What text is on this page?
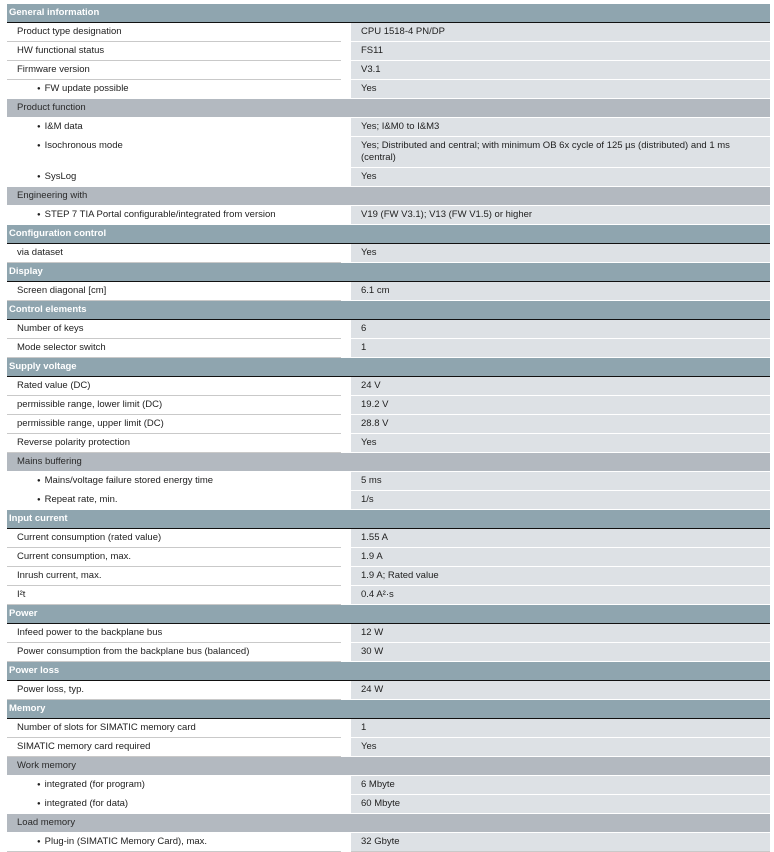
General information
Product type designation	CPU 1518-4 PN/DP
HW functional status	FS11
Firmware version	V3.1
● FW update possible	Yes
Product function
● I&M data	Yes; I&M0 to I&M3
● Isochronous mode	Yes; Distributed and central; with minimum OB 6x cycle of 125 µs (distributed) and 1 ms (central)
● SysLog	Yes
Engineering with
● STEP 7 TIA Portal configurable/integrated from version	V19 (FW V3.1); V13 (FW V1.5) or higher
Configuration control
via dataset	Yes
Display
Screen diagonal [cm]	6.1 cm
Control elements
Number of keys	6
Mode selector switch	1
Supply voltage
Rated value (DC)	24 V
permissible range, lower limit (DC)	19.2 V
permissible range, upper limit (DC)	28.8 V
Reverse polarity protection	Yes
Mains buffering
● Mains/voltage failure stored energy time	5 ms
● Repeat rate, min.	1/s
Input current
Current consumption (rated value)	1.55 A
Current consumption, max.	1.9 A
Inrush current, max.	1.9 A; Rated value
I²t	0.4 A²·s
Power
Infeed power to the backplane bus	12 W
Power consumption from the backplane bus (balanced)	30 W
Power loss
Power loss, typ.	24 W
Memory
Number of slots for SIMATIC memory card	1
SIMATIC memory card required	Yes
Work memory
● integrated (for program)	6 Mbyte
● integrated (for data)	60 Mbyte
Load memory
● Plug-in (SIMATIC Memory Card), max.	32 Gbyte
